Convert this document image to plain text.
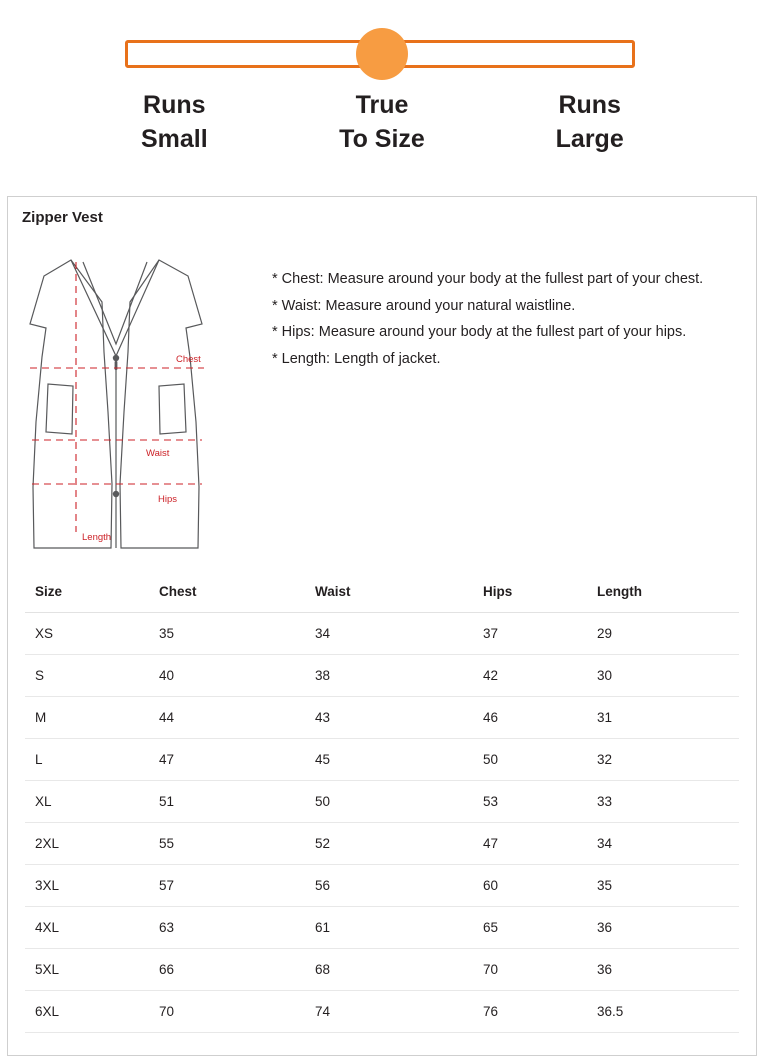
Runs
Small
True
To Size
Runs
Large
Zipper Vest
Chest
Waist
Hips
Length

* Chest: Measure around your body at the fullest part of your chest.

* Waist: Measure around your natural waistline.

* Hips: Measure around your body at the fullest part of your hips.

* Length: Length of jacket.

Size	Chest	Waist	Hips	Length
XS	35	34	37	29
S	40	38	42	30
M	44	43	46	31
L	47	45	50	32
XL	51	50	53	33
2XL	55	52	47	34
3XL	57	56	60	35
4XL	63	61	65	36
5XL	66	68	70	36
6XL	70	74	76	36.5
